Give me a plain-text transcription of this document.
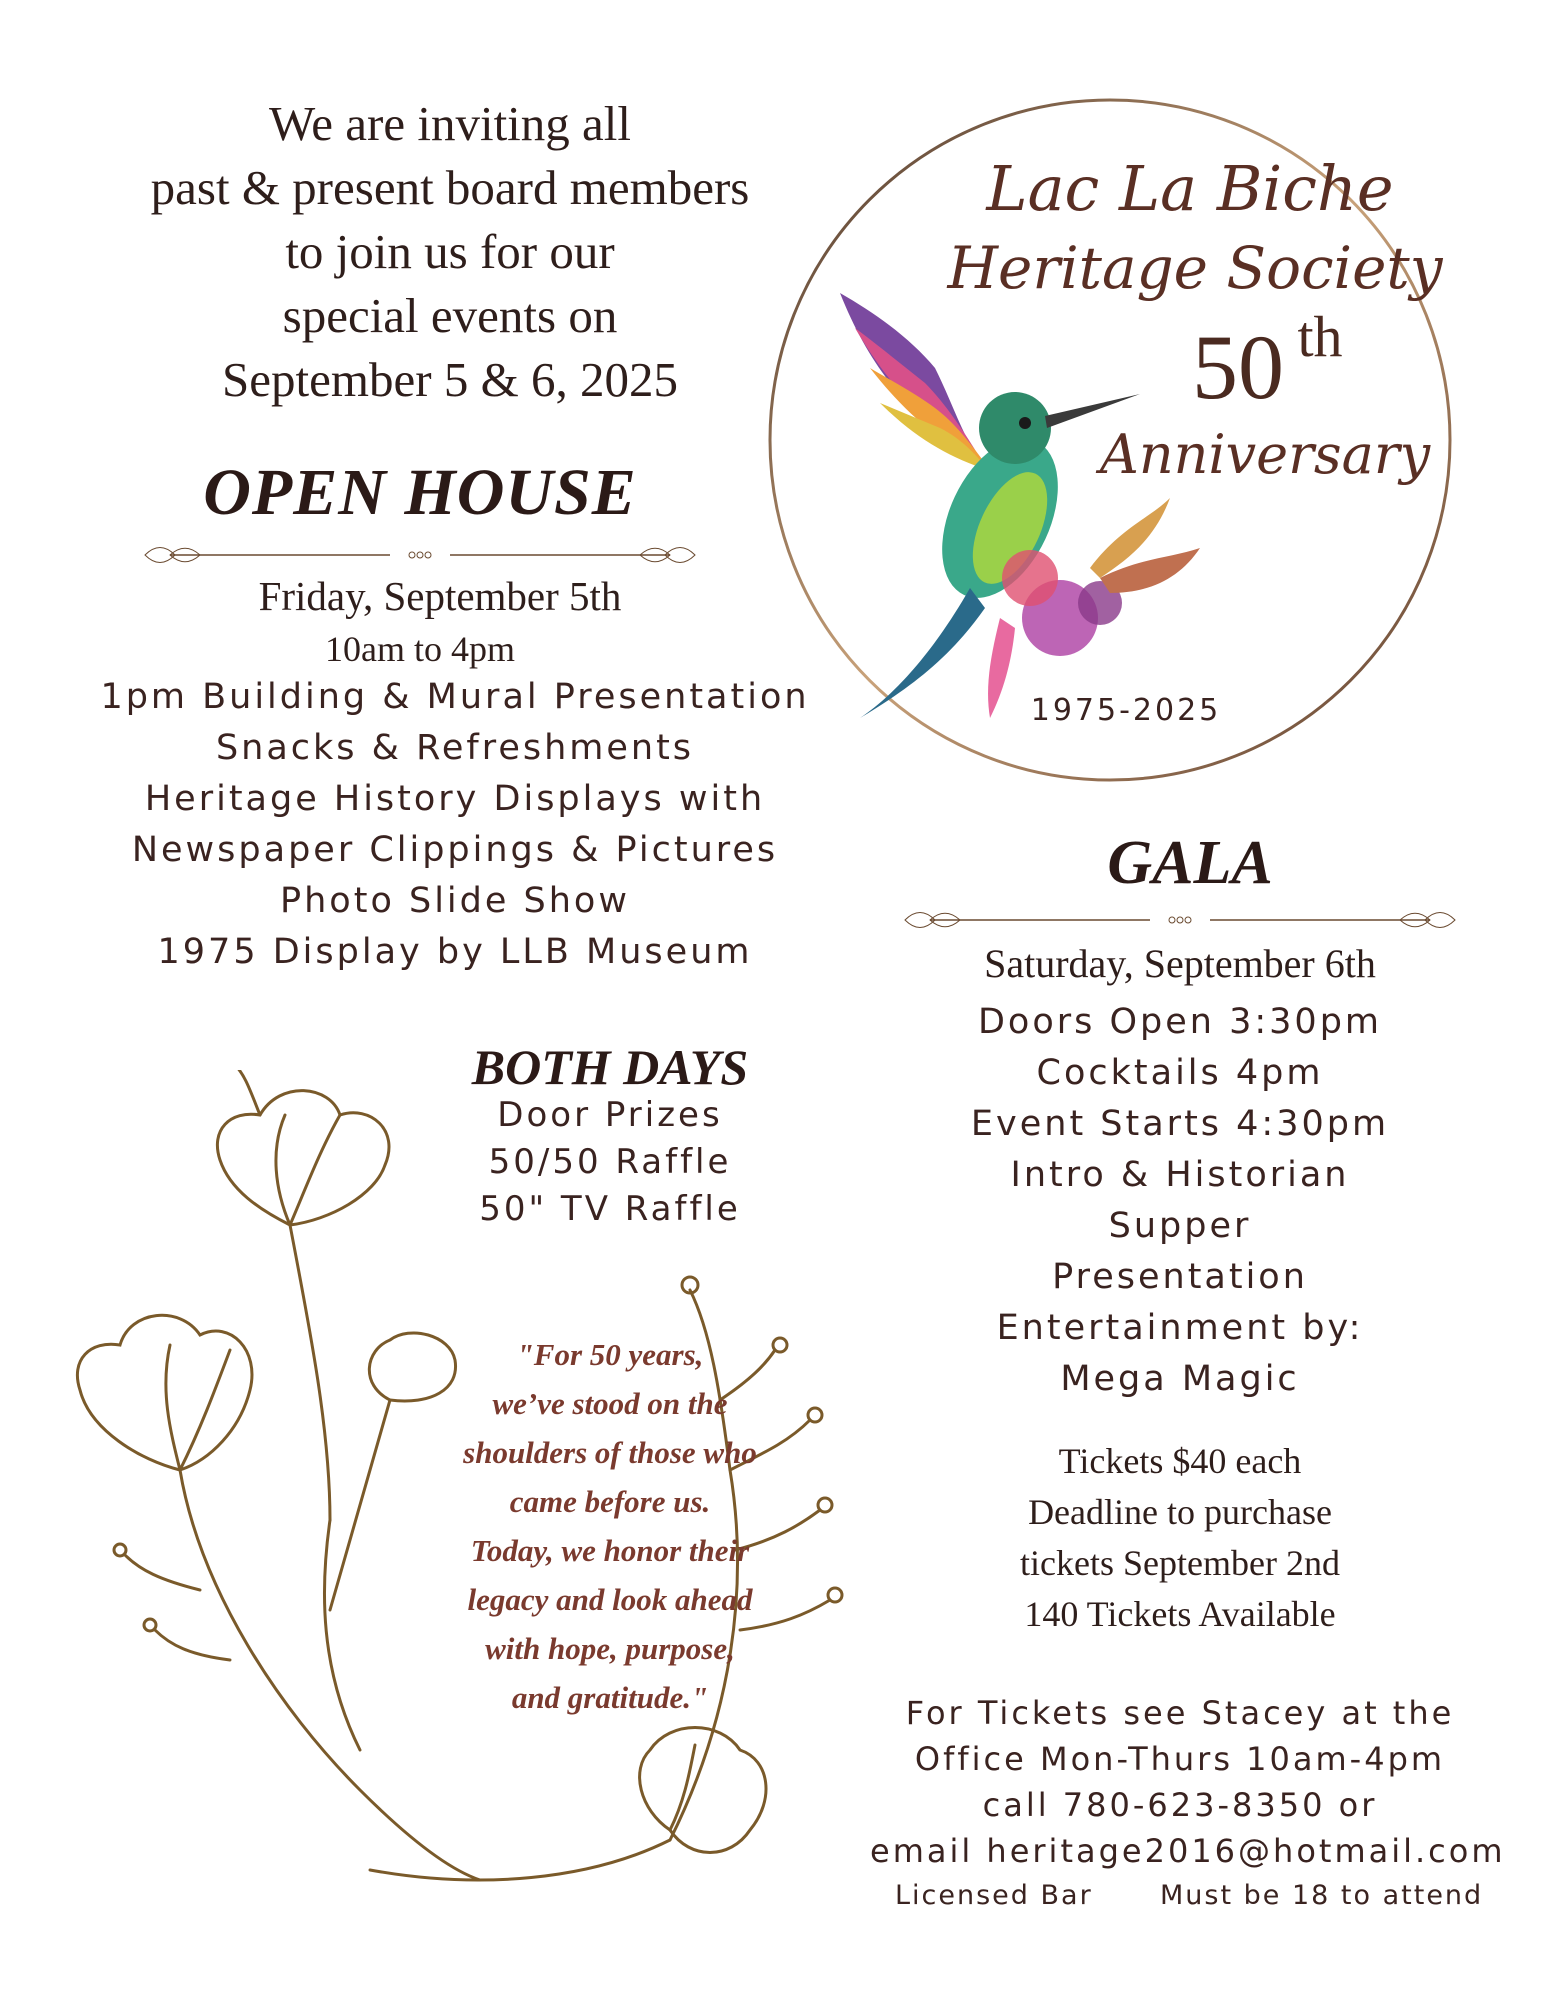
We are inviting all
past & present board members
to join us for our
special events on
September 5 & 6, 2025
Lac La Biche
Heritage Society
50 th
Anniversary
1975-2025
OPEN HOUSE
Friday, September 5th
10am to 4pm
1pm Building & Mural Presentation
Snacks & Refreshments
Heritage History Displays with
Newspaper Clippings & Pictures
Photo Slide Show
1975 Display by LLB Museum
BOTH DAYS
Door Prizes
50/50 Raffle
50" TV Raffle
"For 50 years,
we’ve stood on the
shoulders of those who
came before us.
Today, we honor their
legacy and look ahead
with hope, purpose,
and gratitude."
GALA
Saturday, September 6th
Doors Open 3:30pm
Cocktails 4pm
Event Starts 4:30pm
Intro & Historian
Supper
Presentation
Entertainment by:
Mega Magic
Tickets $40 each
Deadline to purchase
tickets September 2nd
140 Tickets Available
For Tickets see Stacey at the
Office Mon-Thurs 10am-4pm
call 780-623-8350 or
email heritage2016@hotmail.com
Licensed Bar Must be 18 to attend
